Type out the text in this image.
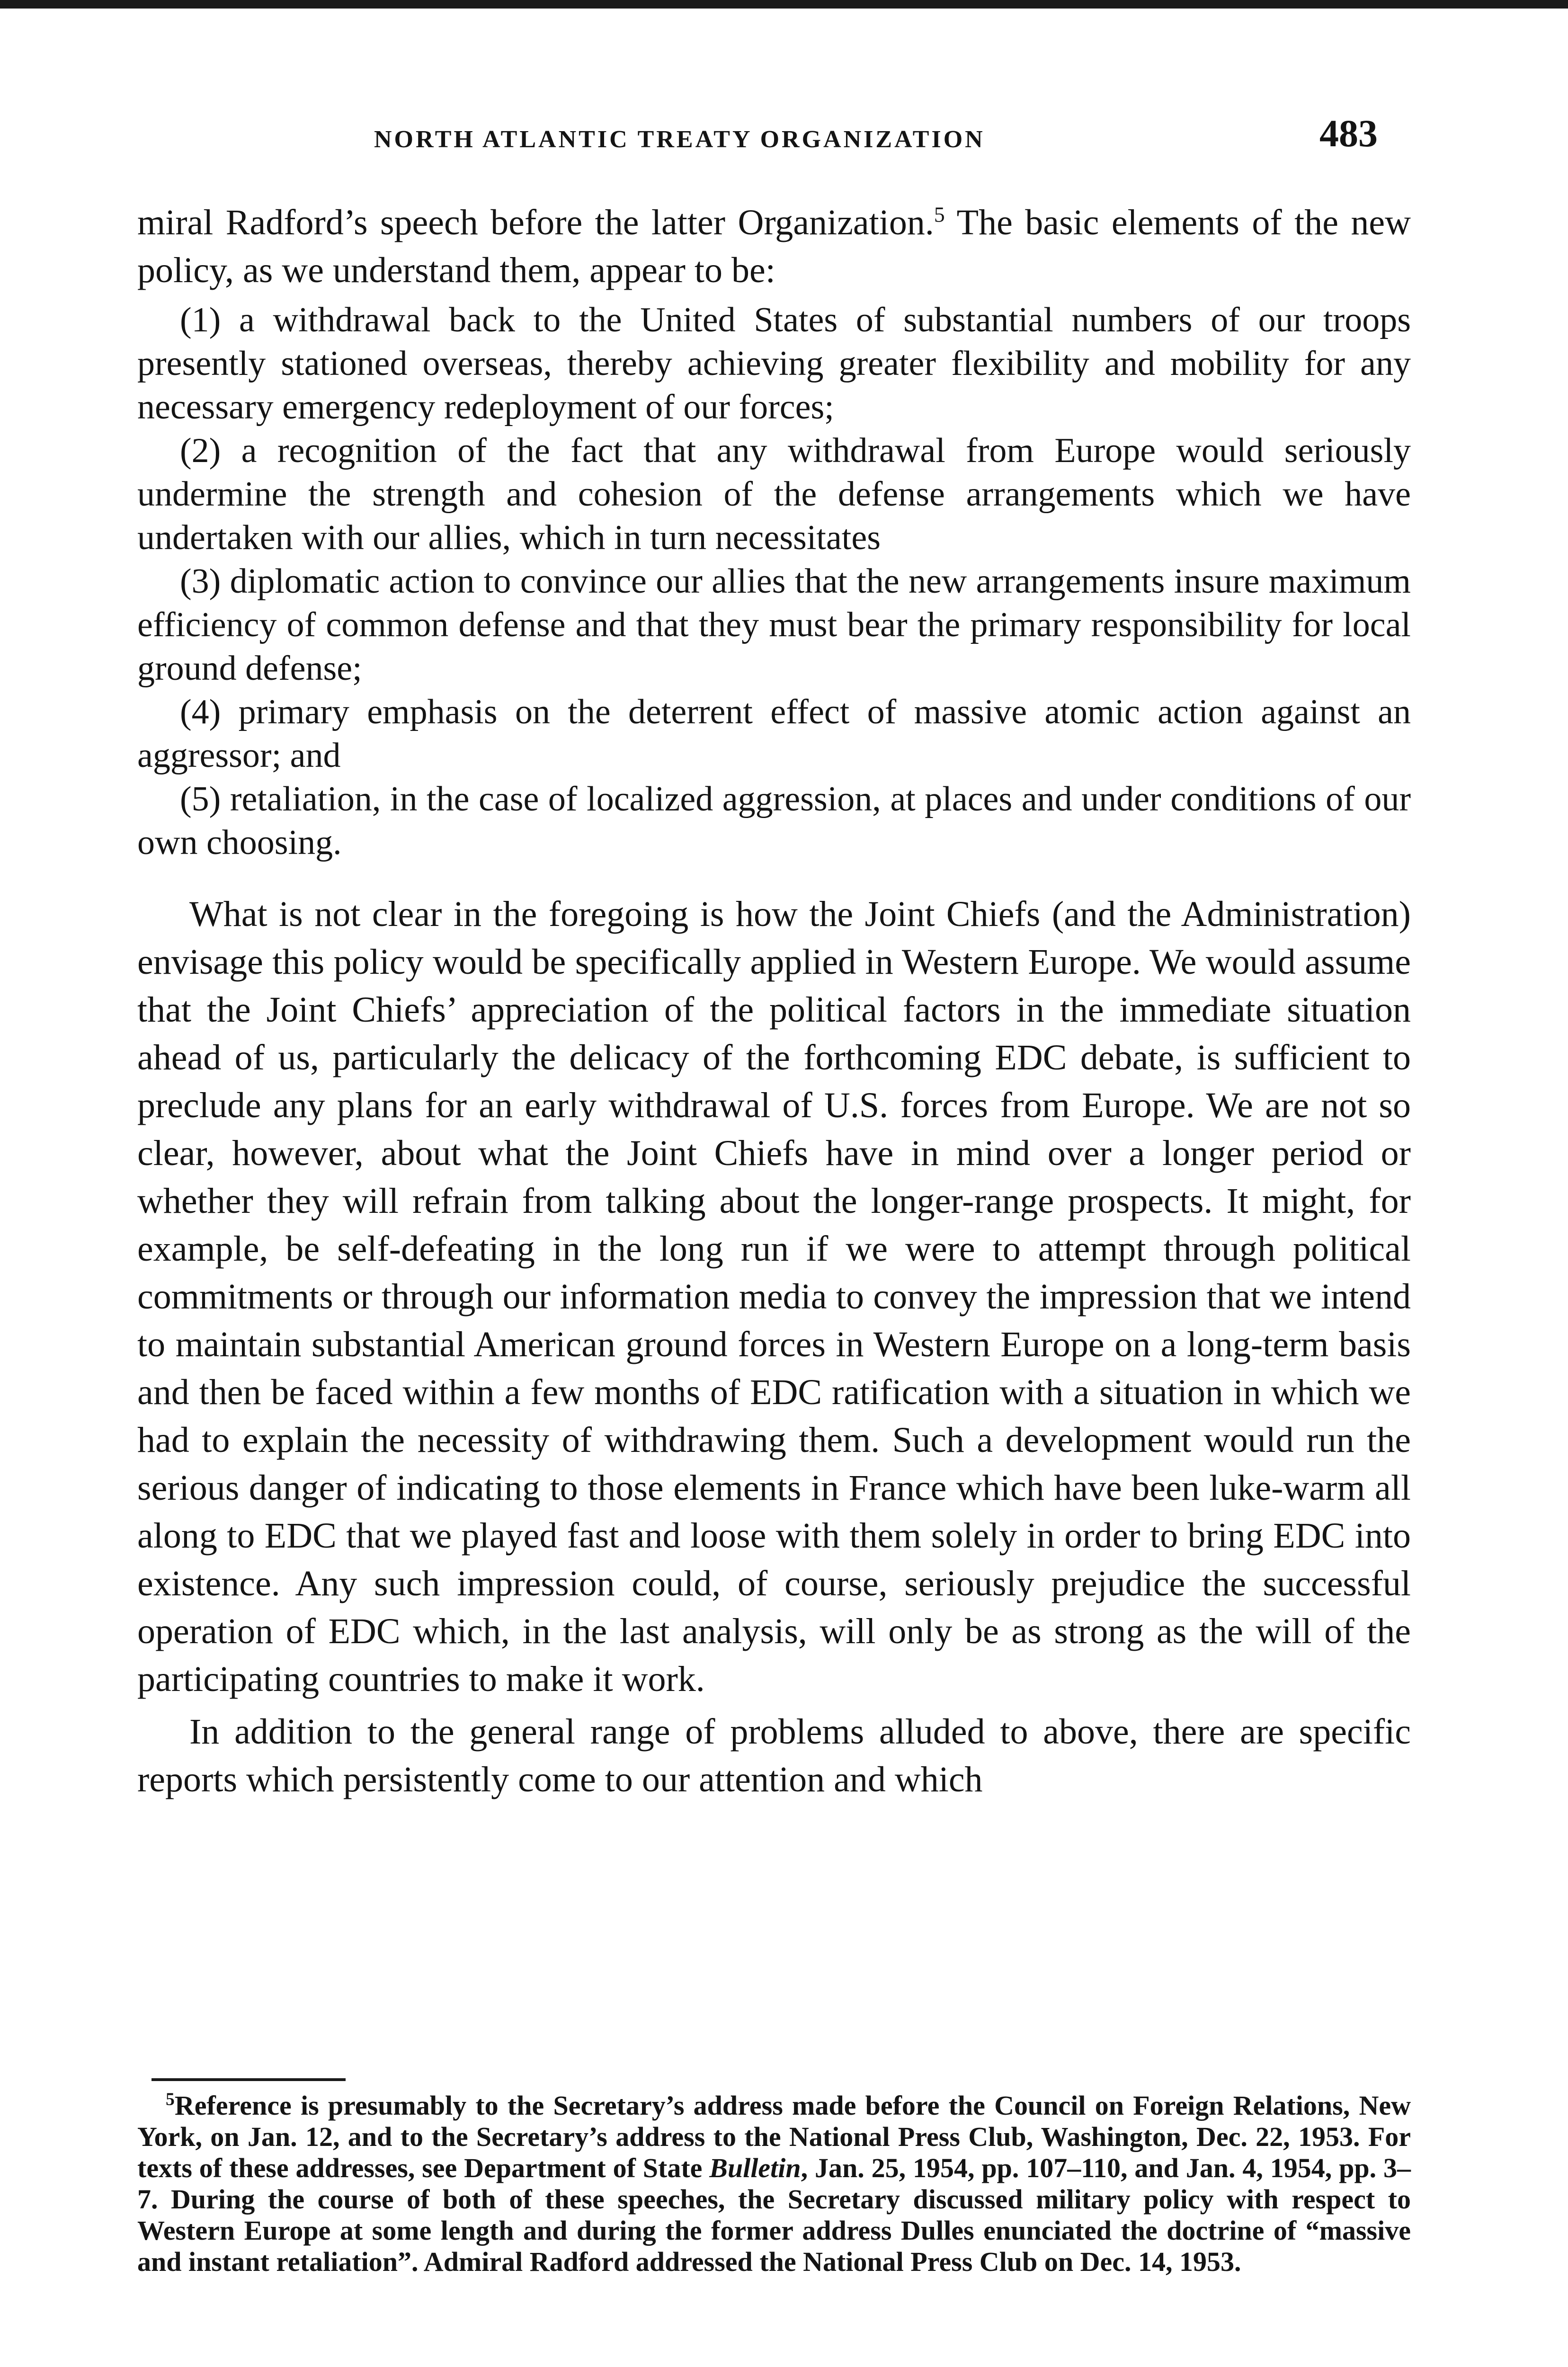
NORTH ATLANTIC TREATY ORGANIZATION	483

miral Radford’s speech before the latter Organization.$^5$ The basic elements of the new policy, as we understand them, appear to be:

(1) a withdrawal back to the United States of substantial numbers of our troops presently stationed overseas, thereby achieving greater flexibility and mobility for any necessary emergency redeployment of our forces;

(2) a recognition of the fact that any withdrawal from Europe would seriously undermine the strength and cohesion of the defense arrangements which we have undertaken with our allies, which in turn necessitates

(3) diplomatic action to convince our allies that the new arrangements insure maximum efficiency of common defense and that they must bear the primary responsibility for local ground defense;

(4) primary emphasis on the deterrent effect of massive atomic action against an aggressor; and

(5) retaliation, in the case of localized aggression, at places and under conditions of our own choosing.

What is not clear in the foregoing is how the Joint Chiefs (and the Administration) envisage this policy would be specifically applied in Western Europe. We would assume that the Joint Chiefs’ appreciation of the political factors in the immediate situation ahead of us, particularly the delicacy of the forthcoming EDC debate, is sufficient to preclude any plans for an early withdrawal of U.S. forces from Europe. We are not so clear, however, about what the Joint Chiefs have in mind over a longer period or whether they will refrain from talking about the longer-range prospects. It might, for example, be self-defeating in the long run if we were to attempt through political commitments or through our information media to convey the impression that we intend to maintain substantial American ground forces in Western Europe on a long-term basis and then be faced within a few months of EDC ratification with a situation in which we had to explain the necessity of withdrawing them. Such a development would run the serious danger of indicating to those elements in France which have been luke-warm all along to EDC that we played fast and loose with them solely in order to bring EDC into existence. Any such impression could, of course, seriously prejudice the successful operation of EDC which, in the last analysis, will only be as strong as the will of the participating countries to make it work.

In addition to the general range of problems alluded to above, there are specific reports which persistently come to our attention and which

$^5$Reference is presumably to the Secretary’s address made before the Council on Foreign Relations, New York, on Jan. 12, and to the Secretary’s address to the National Press Club, Washington, Dec. 22, 1953. For texts of these addresses, see Department of State Bulletin, Jan. 25, 1954, pp. 107–110, and Jan. 4, 1954, pp. 3–7. During the course of both of these speeches, the Secretary discussed military policy with respect to Western Europe at some length and during the former address Dulles enunciated the doctrine of “massive and instant retaliation”. Admiral Radford addressed the National Press Club on Dec. 14, 1953.
